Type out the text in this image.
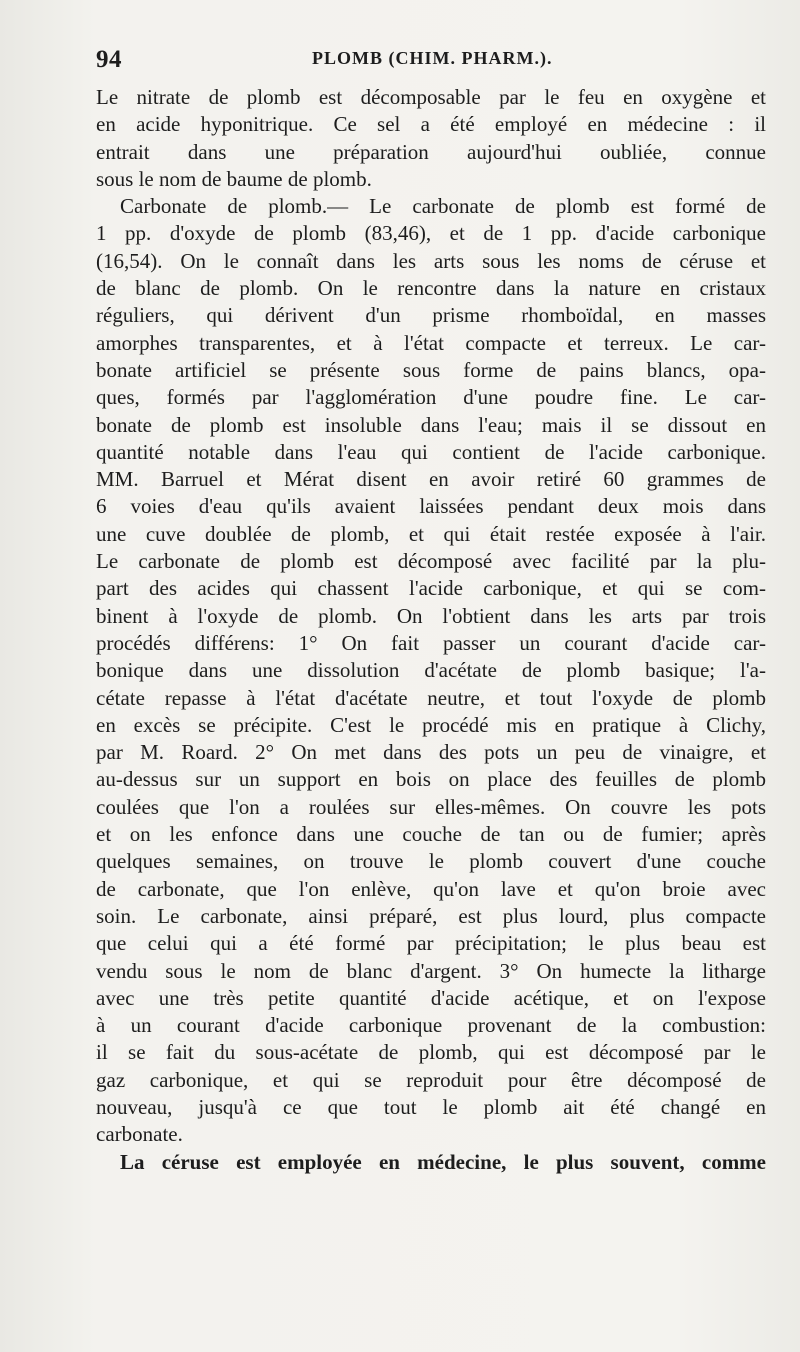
94	PLOMB (CHIM. PHARM.).
Le nitrate de plomb est décomposable par le feu en oxygène et
en acide hyponitrique. Ce sel a été employé en médecine : il
entrait dans une préparation aujourd'hui oubliée, connue
sous le nom de baume de plomb.
Carbonate de plomb.— Le carbonate de plomb est formé de
1 pp. d'oxyde de plomb (83,46), et de 1 pp. d'acide carbonique
(16,54). On le connaît dans les arts sous les noms de céruse et
de blanc de plomb. On le rencontre dans la nature en cristaux
réguliers, qui dérivent d'un prisme rhomboïdal, en masses
amorphes transparentes, et à l'état compacte et terreux. Le car-
bonate artificiel se présente sous forme de pains blancs, opa-
ques, formés par l'agglomération d'une poudre fine. Le car-
bonate de plomb est insoluble dans l'eau; mais il se dissout en
quantité notable dans l'eau qui contient de l'acide carbonique.
MM. Barruel et Mérat disent en avoir retiré 60 grammes de
6 voies d'eau qu'ils avaient laissées pendant deux mois dans
une cuve doublée de plomb, et qui était restée exposée à l'air.
Le carbonate de plomb est décomposé avec facilité par la plu-
part des acides qui chassent l'acide carbonique, et qui se com-
binent à l'oxyde de plomb. On l'obtient dans les arts par trois
procédés différens: 1° On fait passer un courant d'acide car-
bonique dans une dissolution d'acétate de plomb basique; l'a-
cétate repasse à l'état d'acétate neutre, et tout l'oxyde de plomb
en excès se précipite. C'est le procédé mis en pratique à Clichy,
par M. Roard. 2° On met dans des pots un peu de vinaigre, et
au-dessus sur un support en bois on place des feuilles de plomb
coulées que l'on a roulées sur elles-mêmes. On couvre les pots
et on les enfonce dans une couche de tan ou de fumier; après
quelques semaines, on trouve le plomb couvert d'une couche
de carbonate, que l'on enlève, qu'on lave et qu'on broie avec
soin. Le carbonate, ainsi préparé, est plus lourd, plus compacte
que celui qui a été formé par précipitation; le plus beau est
vendu sous le nom de blanc d'argent. 3° On humecte la litharge
avec une très petite quantité d'acide acétique, et on l'expose
à un courant d'acide carbonique provenant de la combustion:
il se fait du sous-acétate de plomb, qui est décomposé par le
gaz carbonique, et qui se reproduit pour être décomposé de
nouveau, jusqu'à ce que tout le plomb ait été changé en
carbonate.
La céruse est employée en médecine, le plus souvent, comme
